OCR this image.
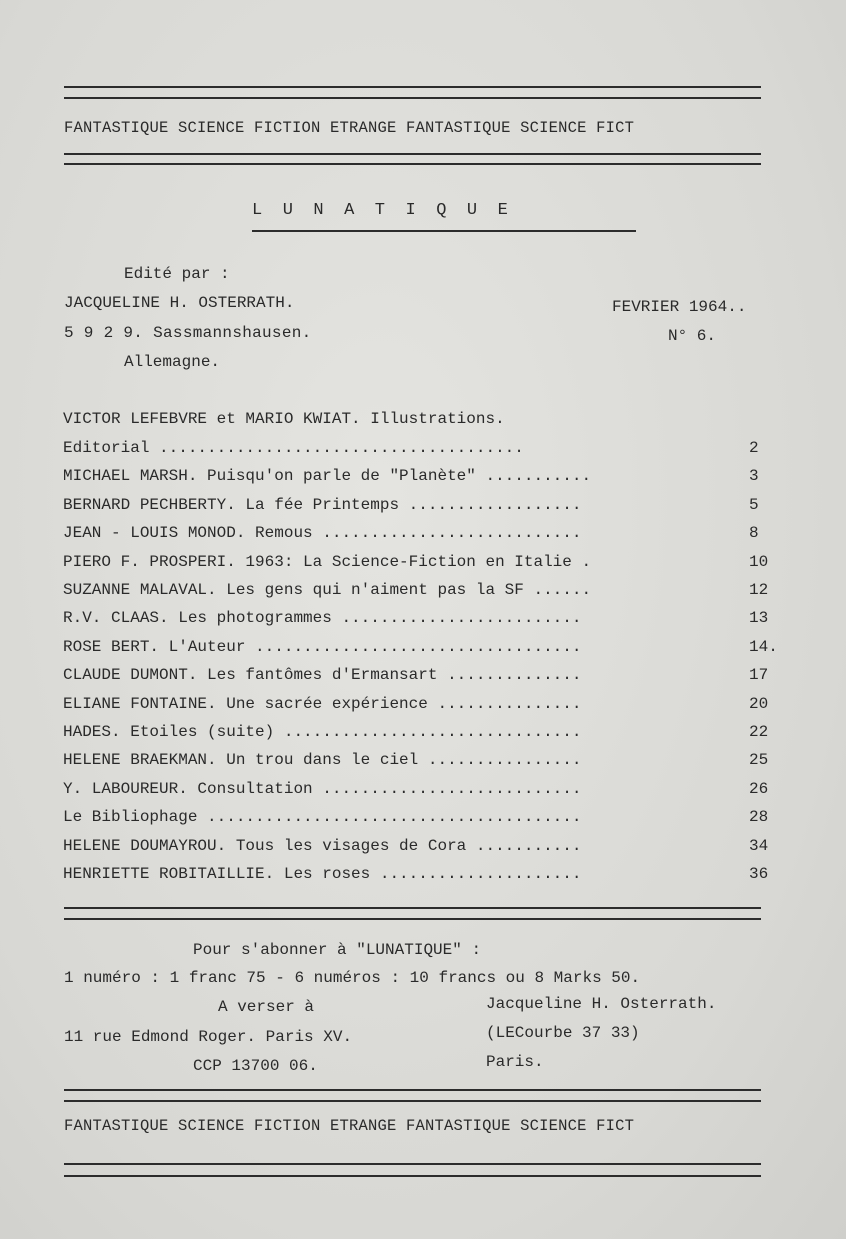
FANTASTIQUE SCIENCE FICTION ETRANGE FANTASTIQUE SCIENCE FICT
LUNATIQUE
Edité par :
JACQUELINE H. OSTERRATH.
5 9 2 9. Sassmannshausen.
Allemagne.
FEVRIER 1964..
N° 6.
VICTOR LEFEBVRE et MARIO KWIAT. Illustrations.
Editorial ......................................	2
MICHAEL MARSH. Puisqu'on parle de "Planète" ...........	3
BERNARD PECHBERTY. La fée Printemps ..................	5
JEAN - LOUIS MONOD. Remous ...........................	8
PIERO F. PROSPERI. 1963: La Science-Fiction en Italie .	10
SUZANNE MALAVAL. Les gens qui n'aiment pas la SF ......	12
R.V. CLAAS. Les photogrammes .........................	13
ROSE BERT. L'Auteur ..................................	14.
CLAUDE DUMONT. Les fantômes d'Ermansart ..............	17
ELIANE FONTAINE. Une sacrée expérience ...............	20
HADES. Etoiles (suite) ...............................	22
HELENE BRAEKMAN. Un trou dans le ciel ................	25
Y. LABOUREUR. Consultation ...........................	26
Le Bibliophage .......................................	28
HELENE DOUMAYROU. Tous les visages de Cora ...........	34
HENRIETTE ROBITAILLIE. Les roses .....................	36
Pour s'abonner à "LUNATIQUE" :
1 numéro : 1 franc 75 - 6 numéros : 10 francs ou 8 Marks 50.
A verser à	Jacqueline H. Osterrath.
11 rue Edmond Roger. Paris XV.	(LECourbe 37 33)
CCP 13700 06.	Paris.
FANTASTIQUE SCIENCE FICTION ETRANGE FANTASTIQUE SCIENCE FICT
